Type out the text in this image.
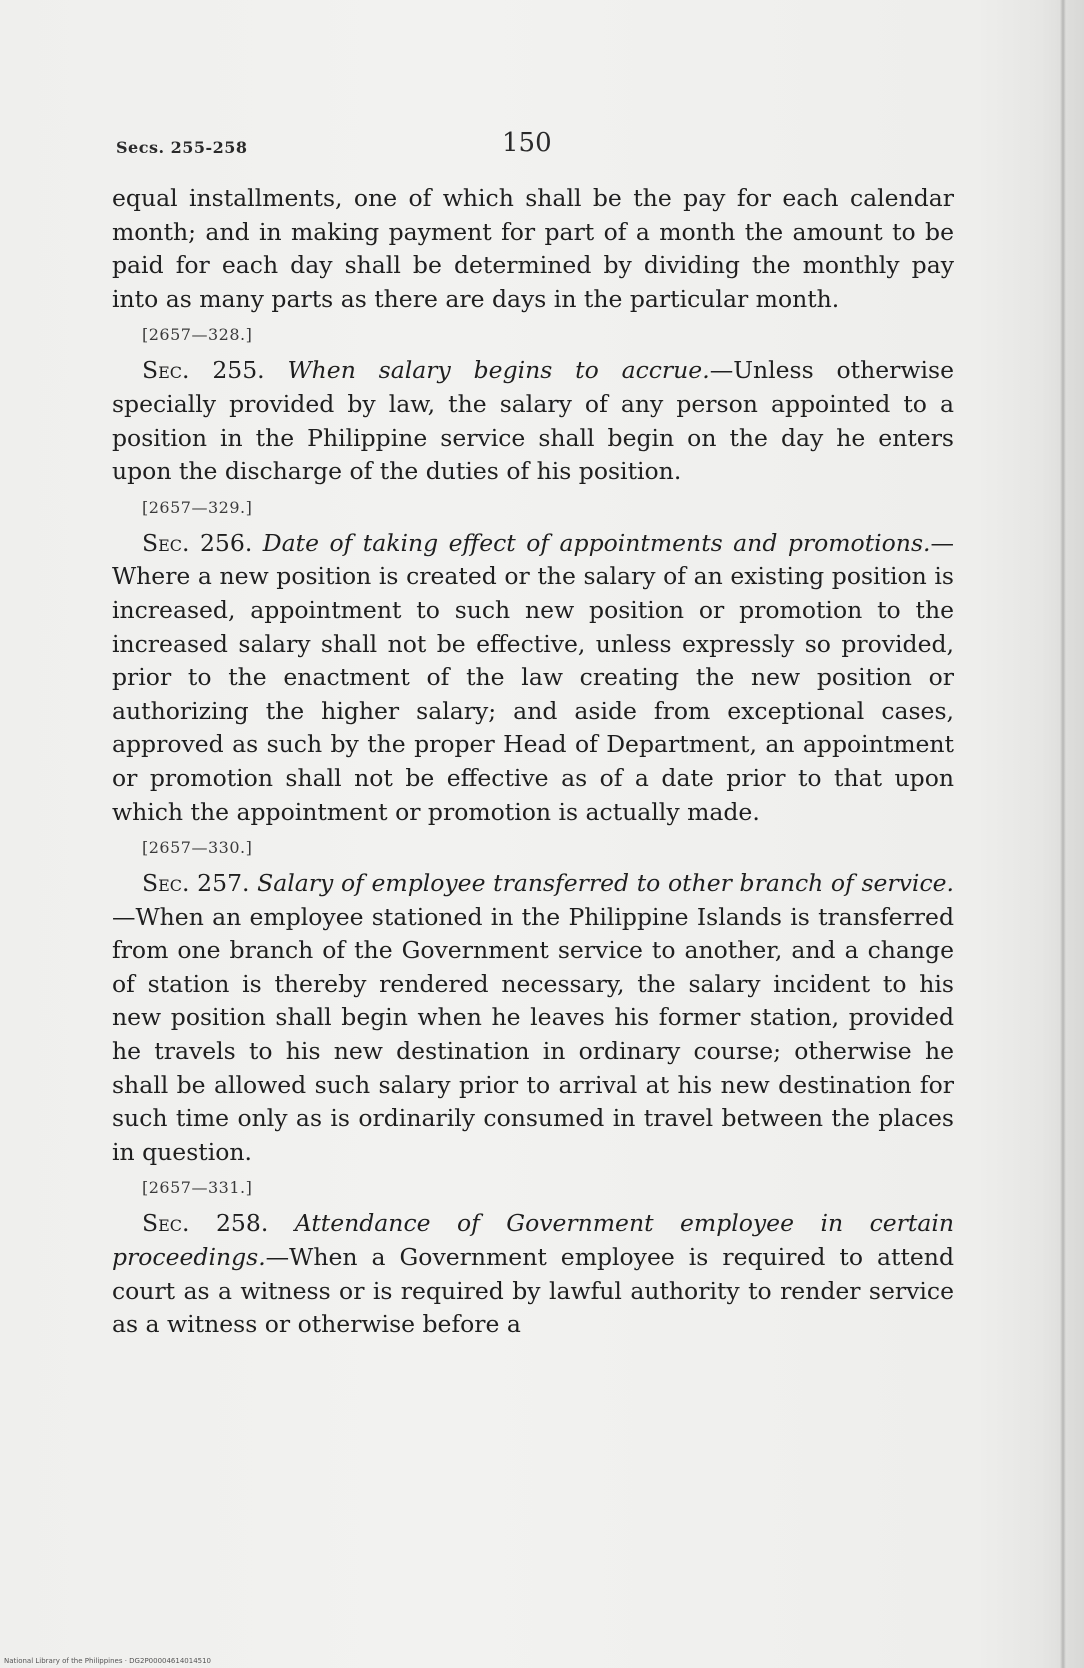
Secs. 255-258	150

equal installments, one of which shall be the pay for each calendar month; and in making payment for part of a month the amount to be paid for each day shall be determined by dividing the monthly pay into as many parts as there are days in the particular month.

[2657—328.]

Sec. 255. When salary begins to accrue.—Unless otherwise specially provided by law, the salary of any person appointed to a position in the Philippine service shall begin on the day he enters upon the discharge of the duties of his position.

[2657—329.]

Sec. 256. Date of taking effect of appointments and promotions.—Where a new position is created or the salary of an existing position is increased, appointment to such new position or promotion to the increased salary shall not be effective, unless expressly so provided, prior to the enactment of the law creating the new position or authorizing the higher salary; and aside from exceptional cases, approved as such by the proper Head of Department, an appointment or promotion shall not be effective as of a date prior to that upon which the appointment or promotion is actually made.

[2657—330.]

Sec. 257. Salary of employee transferred to other branch of service.—When an employee stationed in the Philippine Islands is transferred from one branch of the Government service to another, and a change of station is thereby rendered necessary, the salary incident to his new position shall begin when he leaves his former station, provided he travels to his new destination in ordinary course; otherwise he shall be allowed such salary prior to arrival at his new destination for such time only as is ordinarily consumed in travel between the places in question.

[2657—331.]

Sec. 258. Attendance of Government employee in certain proceedings.—When a Government employee is required to attend court as a witness or is required by lawful authority to render service as a witness or otherwise before a

National Library of the Philippines · DG2P00004614014510
